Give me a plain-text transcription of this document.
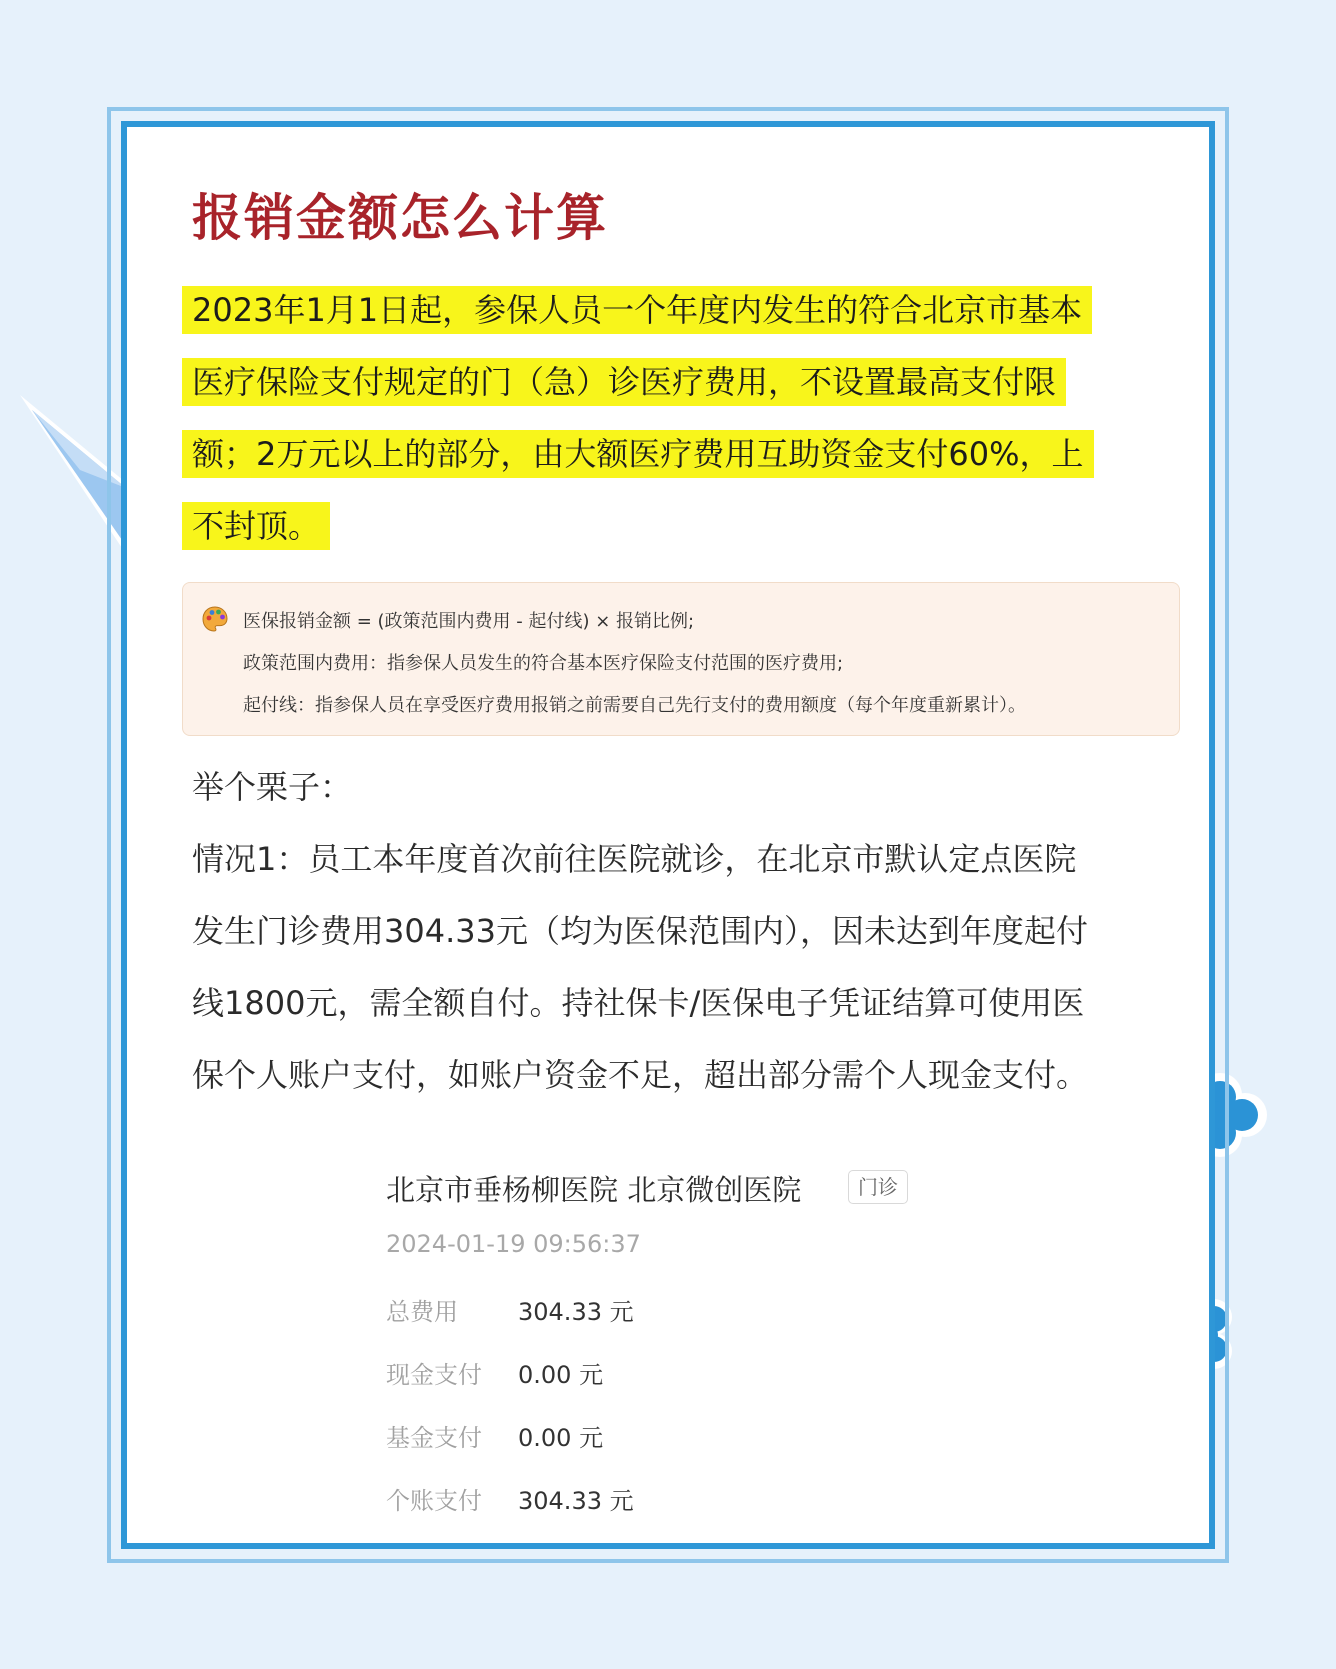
报销金额怎么计算
2023年1月1日起，参保人员一个年度内发生的符合北京市基本
医疗保险支付规定的门（急）诊医疗费用，不设置最高支付限
额；2万元以上的部分，由大额医疗费用互助资金支付60%，上
不封顶。
医保报销金额 = (政策范围内费用 - 起付线) × 报销比例;
政策范围内费用：指参保人员发生的符合基本医疗保险支付范围的医疗费用;
起付线：指参保人员在享受医疗费用报销之前需要自己先行支付的费用额度（每个年度重新累计）。
举个栗子：
情况1：员工本年度首次前往医院就诊，在北京市默认定点医院
发生门诊费用304.33元（均为医保范围内），因未达到年度起付
线1800元，需全额自付。持社保卡/医保电子凭证结算可使用医
保个人账户支付，如账户资金不足，超出部分需个人现金支付。
北京市垂杨柳医院 北京微创医院	门诊
2024-01-19 09:56:37
总费用	304.33 元
现金支付 0.00 元
基金支付 0.00 元
个账支付 304.33 元
